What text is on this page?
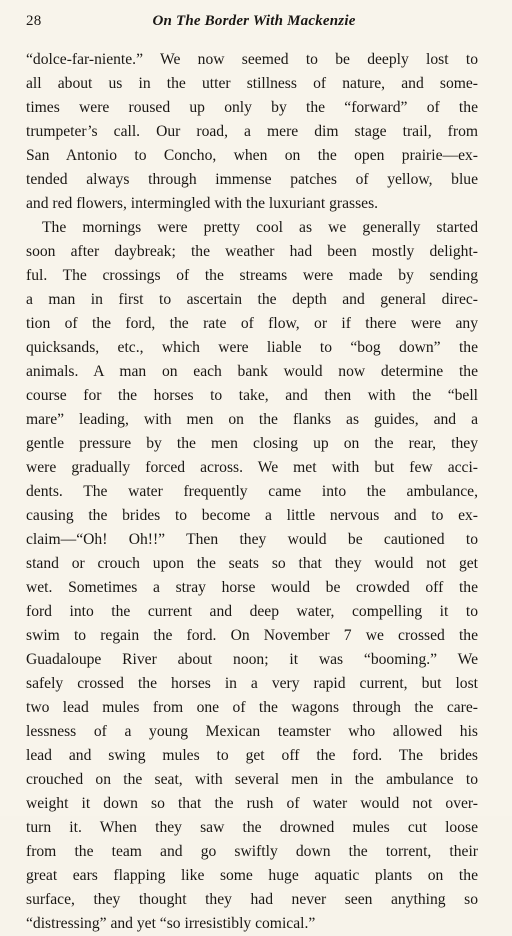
28	On The Border With Mackenzie
“dolce-far-niente.” We now seemed to be deeply lost to
all about us in the utter stillness of nature, and some-
times were roused up only by the “forward” of the
trumpeter’s call. Our road, a mere dim stage trail, from
San Antonio to Concho, when on the open prairie—ex-
tended always through immense patches of yellow, blue
and red flowers, intermingled with the luxuriant grasses.
The mornings were pretty cool as we generally started
soon after daybreak; the weather had been mostly delight-
ful. The crossings of the streams were made by sending
a man in first to ascertain the depth and general direc-
tion of the ford, the rate of flow, or if there were any
quicksands, etc., which were liable to “bog down” the
animals. A man on each bank would now determine the
course for the horses to take, and then with the “bell
mare” leading, with men on the flanks as guides, and a
gentle pressure by the men closing up on the rear, they
were gradually forced across. We met with but few acci-
dents. The water frequently came into the ambulance,
causing the brides to become a little nervous and to ex-
claim—“Oh! Oh!!” Then they would be cautioned to
stand or crouch upon the seats so that they would not get
wet. Sometimes a stray horse would be crowded off the
ford into the current and deep water, compelling it to
swim to regain the ford. On November 7 we crossed the
Guadaloupe River about noon; it was “booming.” We
safely crossed the horses in a very rapid current, but lost
two lead mules from one of the wagons through the care-
lessness of a young Mexican teamster who allowed his
lead and swing mules to get off the ford. The brides
crouched on the seat, with several men in the ambulance to
weight it down so that the rush of water would not over-
turn it. When they saw the drowned mules cut loose
from the team and go swiftly down the torrent, their
great ears flapping like some huge aquatic plants on the
surface, they thought they had never seen anything so
“distressing” and yet “so irresistibly comical.”
